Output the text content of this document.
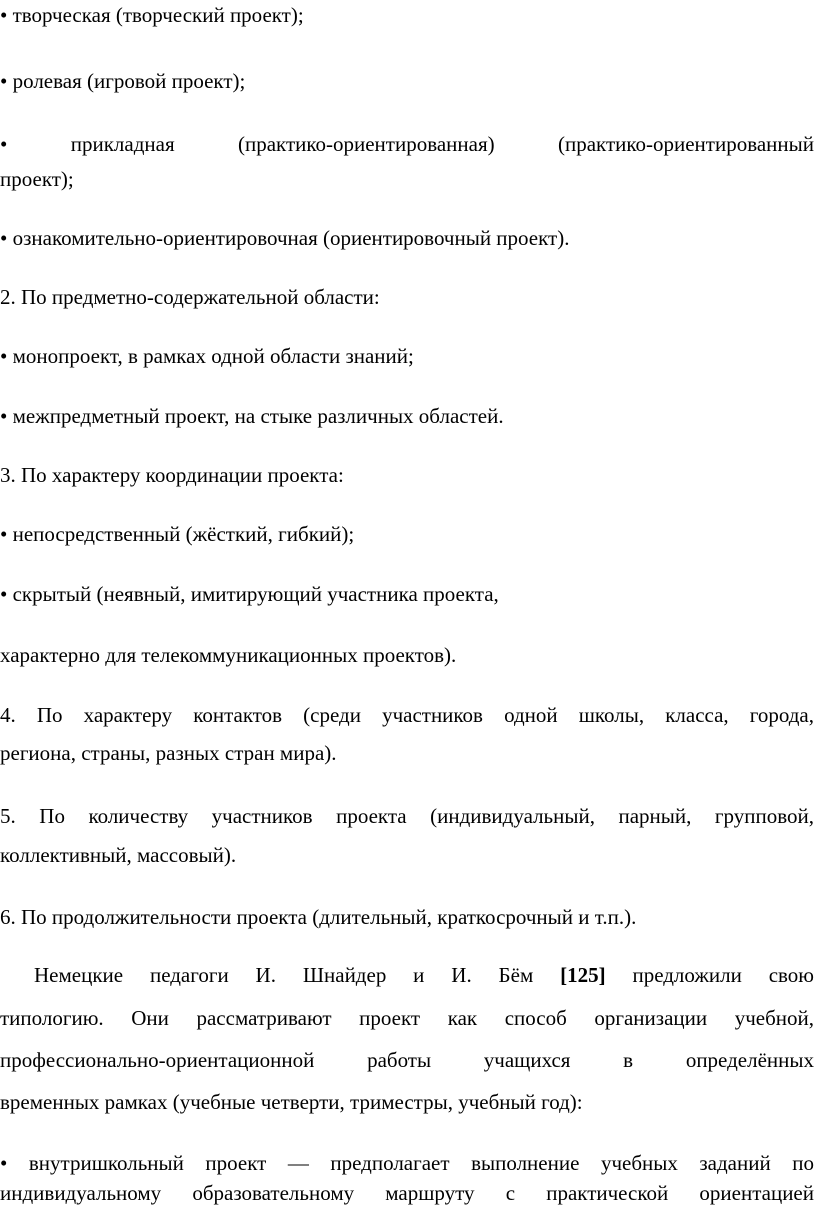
• творческая (творческий проект);
• ролевая (игровой проект);
• прикладная (практико-ориентированная) (практико-ориентированный
проект);
• ознакомительно-ориентировочная (ориентировочный проект).
2. По предметно-содержательной области:
• монопроект, в рамках одной области знаний;
• межпредметный проект, на стыке различных областей.
3. По характеру координации проекта:
• непосредственный (жёсткий, гибкий);
• скрытый (неявный, имитирующий участника проекта,
характерно для телекоммуникационных проектов).
4. По характеру контактов (среди участников одной школы, класса, города,
региона, страны, разных стран мира).
5. По количеству участников проекта (индивидуальный, парный, групповой,
коллективный, массовый).
6. По продолжительности проекта (длительный, краткосрочный и т.п.).
Немецкие педагоги И. Шнайдер и И. Бём [125] предложили свою
типологию. Они рассматривают проект как способ организации учебной,
профессионально-ориентационной работы учащихся в определённых
временных рамках (учебные четверти, триместры, учебный год):
• внутришкольный проект — предполагает выполнение учебных заданий по
индивидуальному образовательному маршруту с практической ориентацией
